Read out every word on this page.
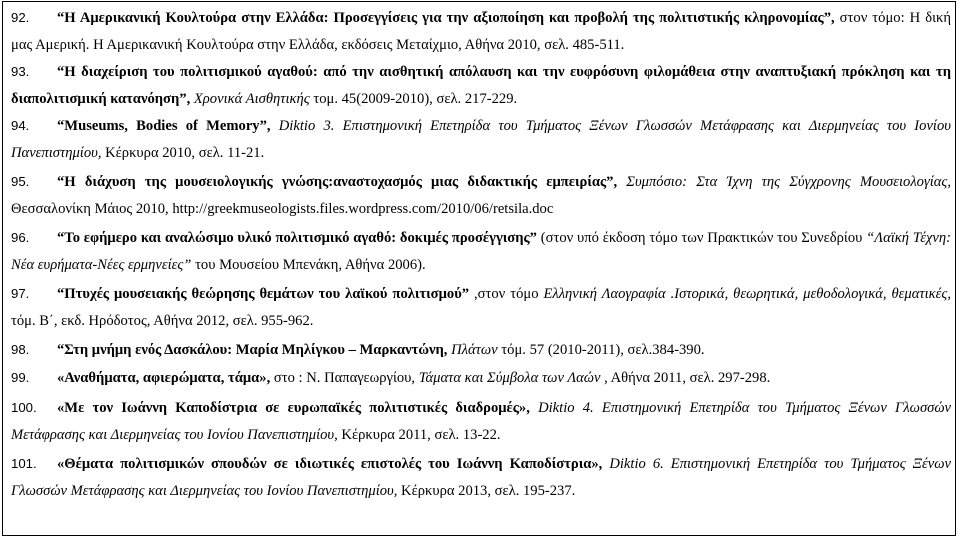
92. “Η Αμερικανική Κουλτούρα στην Ελλάδα: Προσεγγίσεις για την αξιοποίηση και προβολή της πολιτιστικής κληρονομίας”, στον τόμο: Η δική μας Αμερική. Η Αμερικανική Κουλτούρα στην Ελλάδα, εκδόσεις Μεταίχμιο, Αθήνα 2010, σελ. 485-511.
93. “Η διαχείριση του πολιτισμικού αγαθού: από την αισθητική απόλαυση και την ευφρόσυνη φιλομάθεια στην αναπτυξιακή πρόκληση και τη διαπολιτισμική κατανόηση”, Χρονικά Αισθητικής τομ. 45(2009-2010), σελ. 217-229.
94. “Museums, Bodies of Memory”, Diktio 3. Επιστημονική Επετηρίδα του Τμήματος Ξένων Γλωσσών Μετάφρασης και Διερμηνείας του Ιονίου Πανεπιστημίου, Κέρκυρα 2010, σελ. 11-21.
95. “Η διάχυση της μουσειολογικής γνώσης:αναστοχασμός μιας διδακτικής εμπειρίας”, Συμπόσιο: Στα Ίχνη της Σύγχρονης Μουσειολογίας, Θεσσαλονίκη Μάιος 2010, http://greekmuseologists.files.wordpress.com/2010/06/retsila.doc
96. “Το εφήμερο και αναλώσιμο υλικό πολιτισμικό αγαθό: δοκιμές προσέγγισης” (στον υπό έκδοση τόμο των Πρακτικών του Συνεδρίου “Λαϊκή Τέχνη: Νέα ευρήματα-Νέες ερμηνείες” του Μουσείου Μπενάκη, Αθήνα 2006).
97. “Πτυχές μουσειακής θεώρησης θεμάτων του λαϊκού πολιτισμού” ,στον τόμο Ελληνική Λαογραφία .Ιστορικά, θεωρητικά, μεθοδολογικά, θεματικές, τόμ. Β΄, εκδ. Ηρόδοτος, Αθήνα 2012, σελ. 955-962.
98. “Στη μνήμη ενός Δασκάλου: Μαρία Μηλίγκου – Μαρκαντώνη, Πλάτων τόμ. 57 (2010-2011), σελ.384-390.
99. «Αναθήματα, αφιερώματα, τάμα», στο : Ν. Παπαγεωργίου, Τάματα και Σύμβολα των Λαών , Αθήνα 2011, σελ. 297-298.
100. «Με τον Ιωάννη Καποδίστρια σε ευρωπαϊκές πολιτιστικές διαδρομές», Diktio 4. Επιστημονική Επετηρίδα του Τμήματος Ξένων Γλωσσών Μετάφρασης και Διερμηνείας του Ιονίου Πανεπιστημίου, Κέρκυρα 2011, σελ. 13-22.
101. «Θέματα πολιτισμικών σπουδών σε ιδιωτικές επιστολές του Ιωάννη Καποδίστρια», Diktio 6. Επιστημονική Επετηρίδα του Τμήματος Ξένων Γλωσσών Μετάφρασης και Διερμηνείας του Ιονίου Πανεπιστημίου, Κέρκυρα 2013, σελ. 195-237.
